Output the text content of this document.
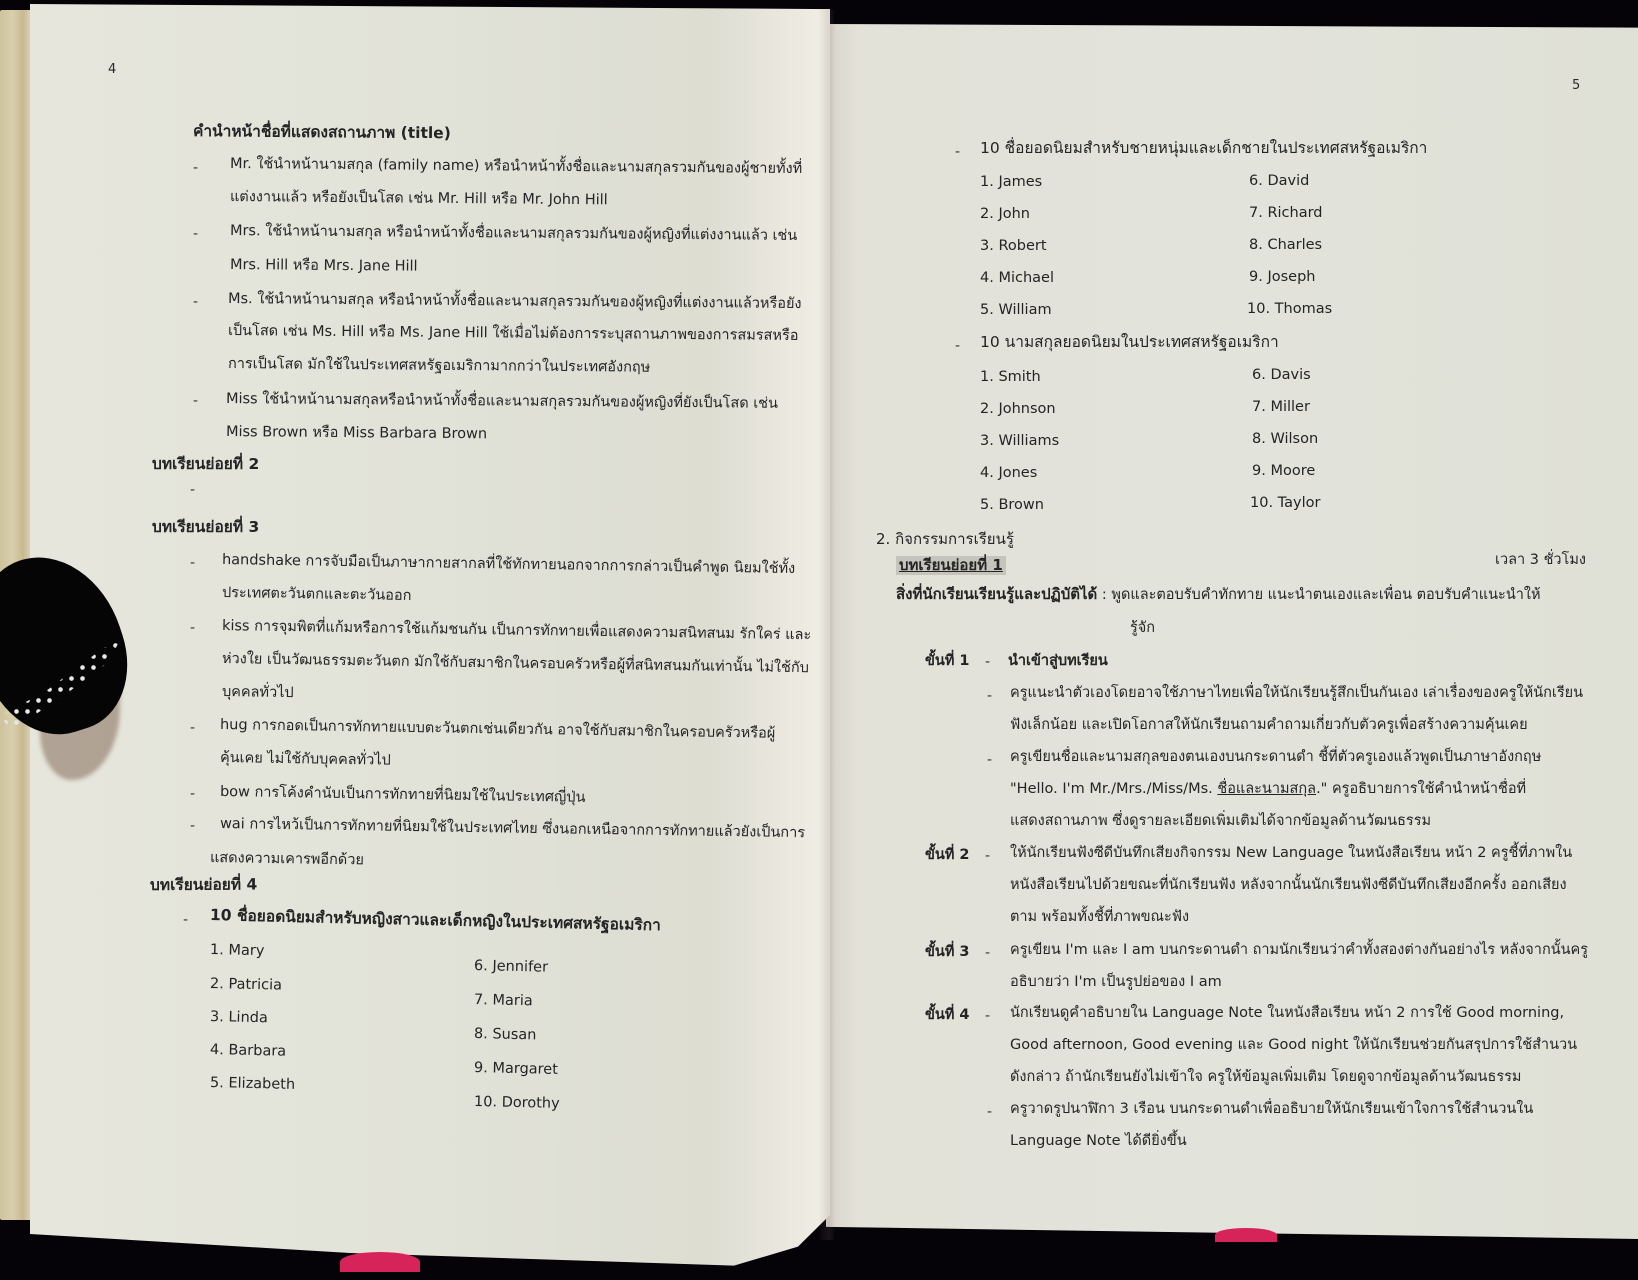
4
คำนำหน้าชื่อที่แสดงสถานภาพ (title)
- Mr. ใช้นำหน้านามสกุล (family name) หรือนำหน้าทั้งชื่อและนามสกุลรวมกันของผู้ชายทั้งที่
แต่งงานแล้ว หรือยังเป็นโสด เช่น Mr. Hill หรือ Mr. John Hill
- Mrs. ใช้นำหน้านามสกุล หรือนำหน้าทั้งชื่อและนามสกุลรวมกันของผู้หญิงที่แต่งงานแล้ว เช่น
Mrs. Hill หรือ Mrs. Jane Hill
- Ms. ใช้นำหน้านามสกุล หรือนำหน้าทั้งชื่อและนามสกุลรวมกันของผู้หญิงที่แต่งงานแล้วหรือยัง
เป็นโสด เช่น Ms. Hill หรือ Ms. Jane Hill ใช้เมื่อไม่ต้องการระบุสถานภาพของการสมรสหรือ
การเป็นโสด มักใช้ในประเทศสหรัฐอเมริกามากกว่าในประเทศอังกฤษ
- Miss ใช้นำหน้านามสกุลหรือนำหน้าทั้งชื่อและนามสกุลรวมกันของผู้หญิงที่ยังเป็นโสด เช่น
Miss Brown หรือ Miss Barbara Brown
บทเรียนย่อยที่ 2
-
บทเรียนย่อยที่ 3
- handshake การจับมือเป็นภาษากายสากลที่ใช้ทักทายนอกจากการกล่าวเป็นคำพูด นิยมใช้ทั้ง
ประเทศตะวันตกและตะวันออก
- kiss การจุมพิตที่แก้มหรือการใช้แก้มชนกัน เป็นการทักทายเพื่อแสดงความสนิทสนม รักใคร่ และ
ห่วงใย เป็นวัฒนธรรมตะวันตก มักใช้กับสมาชิกในครอบครัวหรือผู้ที่สนิทสนมกันเท่านั้น ไม่ใช้กับ
บุคคลทั่วไป
- hug การกอดเป็นการทักทายแบบตะวันตกเช่นเดียวกัน อาจใช้กับสมาชิกในครอบครัวหรือผู้
คุ้นเคย ไม่ใช้กับบุคคลทั่วไป
- bow การโค้งคำนับเป็นการทักทายที่นิยมใช้ในประเทศญี่ปุ่น
- wai การไหว้เป็นการทักทายที่นิยมใช้ในประเทศไทย ซึ่งนอกเหนือจากการทักทายแล้วยังเป็นการ
แสดงความเคารพอีกด้วย
บทเรียนย่อยที่ 4
- 10 ชื่อยอดนิยมสำหรับหญิงสาวและเด็กหญิงในประเทศสหรัฐอเมริกา
1. Mary
2. Patricia
3. Linda
4. Barbara
5. Elizabeth
6. Jennifer
7. Maria
8. Susan
9. Margaret
10. Dorothy
5
- 10 ชื่อยอดนิยมสำหรับชายหนุ่มและเด็กชายในประเทศสหรัฐอเมริกา
1. James
2. John
3. Robert
4. Michael
5. William
6. David
7. Richard
8. Charles
9. Joseph
10. Thomas
- 10 นามสกุลยอดนิยมในประเทศสหรัฐอเมริกา
1. Smith
2. Johnson
3. Williams
4. Jones
5. Brown
6. Davis
7. Miller
8. Wilson
9. Moore
10. Taylor
2. กิจกรรมการเรียนรู้
บทเรียนย่อยที่ 1	เวลา 3 ชั่วโมง
สิ่งที่นักเรียนเรียนรู้และปฏิบัติได้ : พูดและตอบรับคำทักทาย แนะนำตนเองและเพื่อน ตอบรับคำแนะนำให้
รู้จัก
ขั้นที่ 1 - นำเข้าสู่บทเรียน
- ครูแนะนำตัวเองโดยอาจใช้ภาษาไทยเพื่อให้นักเรียนรู้สึกเป็นกันเอง เล่าเรื่องของครูให้นักเรียน
ฟังเล็กน้อย และเปิดโอกาสให้นักเรียนถามคำถามเกี่ยวกับตัวครูเพื่อสร้างความคุ้นเคย
- ครูเขียนชื่อและนามสกุลของตนเองบนกระดานดำ ชี้ที่ตัวครูเองแล้วพูดเป็นภาษาอังกฤษ
"Hello. I'm Mr./Mrs./Miss/Ms. ชื่อและนามสกุล." ครูอธิบายการใช้คำนำหน้าชื่อที่
แสดงสถานภาพ ซึ่งดูรายละเอียดเพิ่มเติมได้จากข้อมูลด้านวัฒนธรรม
ขั้นที่ 2 - ให้นักเรียนฟังซีดีบันทึกเสียงกิจกรรม New Language ในหนังสือเรียน หน้า 2 ครูชี้ที่ภาพใน
หนังสือเรียนไปด้วยขณะที่นักเรียนฟัง หลังจากนั้นนักเรียนฟังซีดีบันทึกเสียงอีกครั้ง ออกเสียง
ตาม พร้อมทั้งชี้ที่ภาพขณะฟัง
ขั้นที่ 3 - ครูเขียน I'm และ I am บนกระดานดำ ถามนักเรียนว่าคำทั้งสองต่างกันอย่างไร หลังจากนั้นครู
อธิบายว่า I'm เป็นรูปย่อของ I am
ขั้นที่ 4 - นักเรียนดูคำอธิบายใน Language Note ในหนังสือเรียน หน้า 2 การใช้ Good morning,
Good afternoon, Good evening และ Good night ให้นักเรียนช่วยกันสรุปการใช้สำนวน
ดังกล่าว ถ้านักเรียนยังไม่เข้าใจ ครูให้ข้อมูลเพิ่มเติม โดยดูจากข้อมูลด้านวัฒนธรรม
- ครูวาดรูปนาฬิกา 3 เรือน บนกระดานดำเพื่ออธิบายให้นักเรียนเข้าใจการใช้สำนวนใน
Language Note ได้ดียิ่งขึ้น
